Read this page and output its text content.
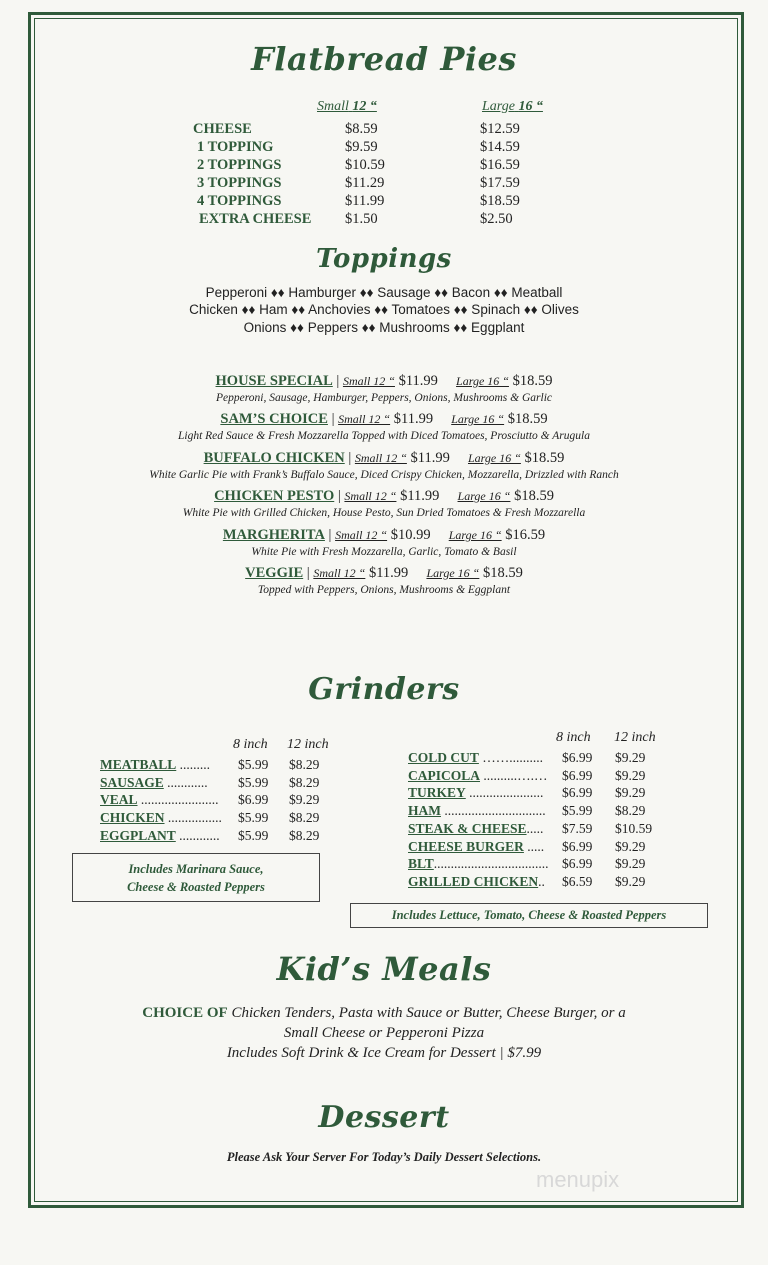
Flatbread Pies
Small 12 “	Large 16 “
CHEESE	$8.59	$12.59
1 TOPPING	$9.59	$14.59
2 TOPPINGS	$10.59	$16.59
3 TOPPINGS	$11.29	$17.59
4 TOPPINGS	$11.99	$18.59
EXTRA CHEESE $1.50	$2.50
Toppings
Pepperoni ♦♦ Hamburger ♦♦ Sausage ♦♦ Bacon ♦♦ Meatball
Chicken ♦♦ Ham ♦♦ Anchovies ♦♦ Tomatoes ♦♦ Spinach ♦♦ Olives
Onions ♦♦ Peppers ♦♦ Mushrooms ♦♦ Eggplant
HOUSE SPECIAL | Small 12 “ $11.99 Large 16 “ $18.59
Pepperoni, Sausage, Hamburger, Peppers, Onions, Mushrooms & Garlic
SAM’S CHOICE | Small 12 “ $11.99 Large 16 “ $18.59
Light Red Sauce & Fresh Mozzarella Topped with Diced Tomatoes, Prosciutto & Arugula
BUFFALO CHICKEN | Small 12 “ $11.99 Large 16 “ $18.59
White Garlic Pie with Frank’s Buffalo Sauce, Diced Crispy Chicken, Mozzarella, Drizzled with Ranch
CHICKEN PESTO | Small 12 “ $11.99 Large 16 “ $18.59
White Pie with Grilled Chicken, House Pesto, Sun Dried Tomatoes & Fresh Mozzarella
MARGHERITA | Small 12 “ $10.99 Large 16 “ $16.59
White Pie with Fresh Mozzarella, Garlic, Tomato & Basil
VEGGIE | Small 12 “ $11.99 Large 16 “ $18.59
Topped with Peppers, Onions, Mushrooms & Eggplant
Grinders
8 inch 12 inch	8 inch 12 inch
MEATBALL ......... $5.99 $8.29
SAUSAGE ............ $5.99 $8.29
VEAL ....................... $6.99 $9.29
CHICKEN ................ $5.99 $8.29
EGGPLANT ............ $5.99 $8.29
COLD CUT …….......... $6.99 $9.29
CAPICOLA ..........….… $6.99 $9.29
TURKEY ...................... $6.99 $9.29
HAM .............................. $5.99 $8.29
STEAK & CHEESE..... $7.59 $10.59
CHEESE BURGER ..... $6.99 $9.29
BLT.................................. $6.99 $9.29
GRILLED CHICKEN.. $6.59 $9.29
Includes Marinara Sauce,
Cheese & Roasted Peppers
Includes Lettuce, Tomato, Cheese & Roasted Peppers
Kid’s Meals
CHOICE OF Chicken Tenders, Pasta with Sauce or Butter, Cheese Burger, or a
Small Cheese or Pepperoni Pizza
Includes Soft Drink & Ice Cream for Dessert | $7.99
Dessert
Please Ask Your Server For Today’s Daily Dessert Selections.
menupix
